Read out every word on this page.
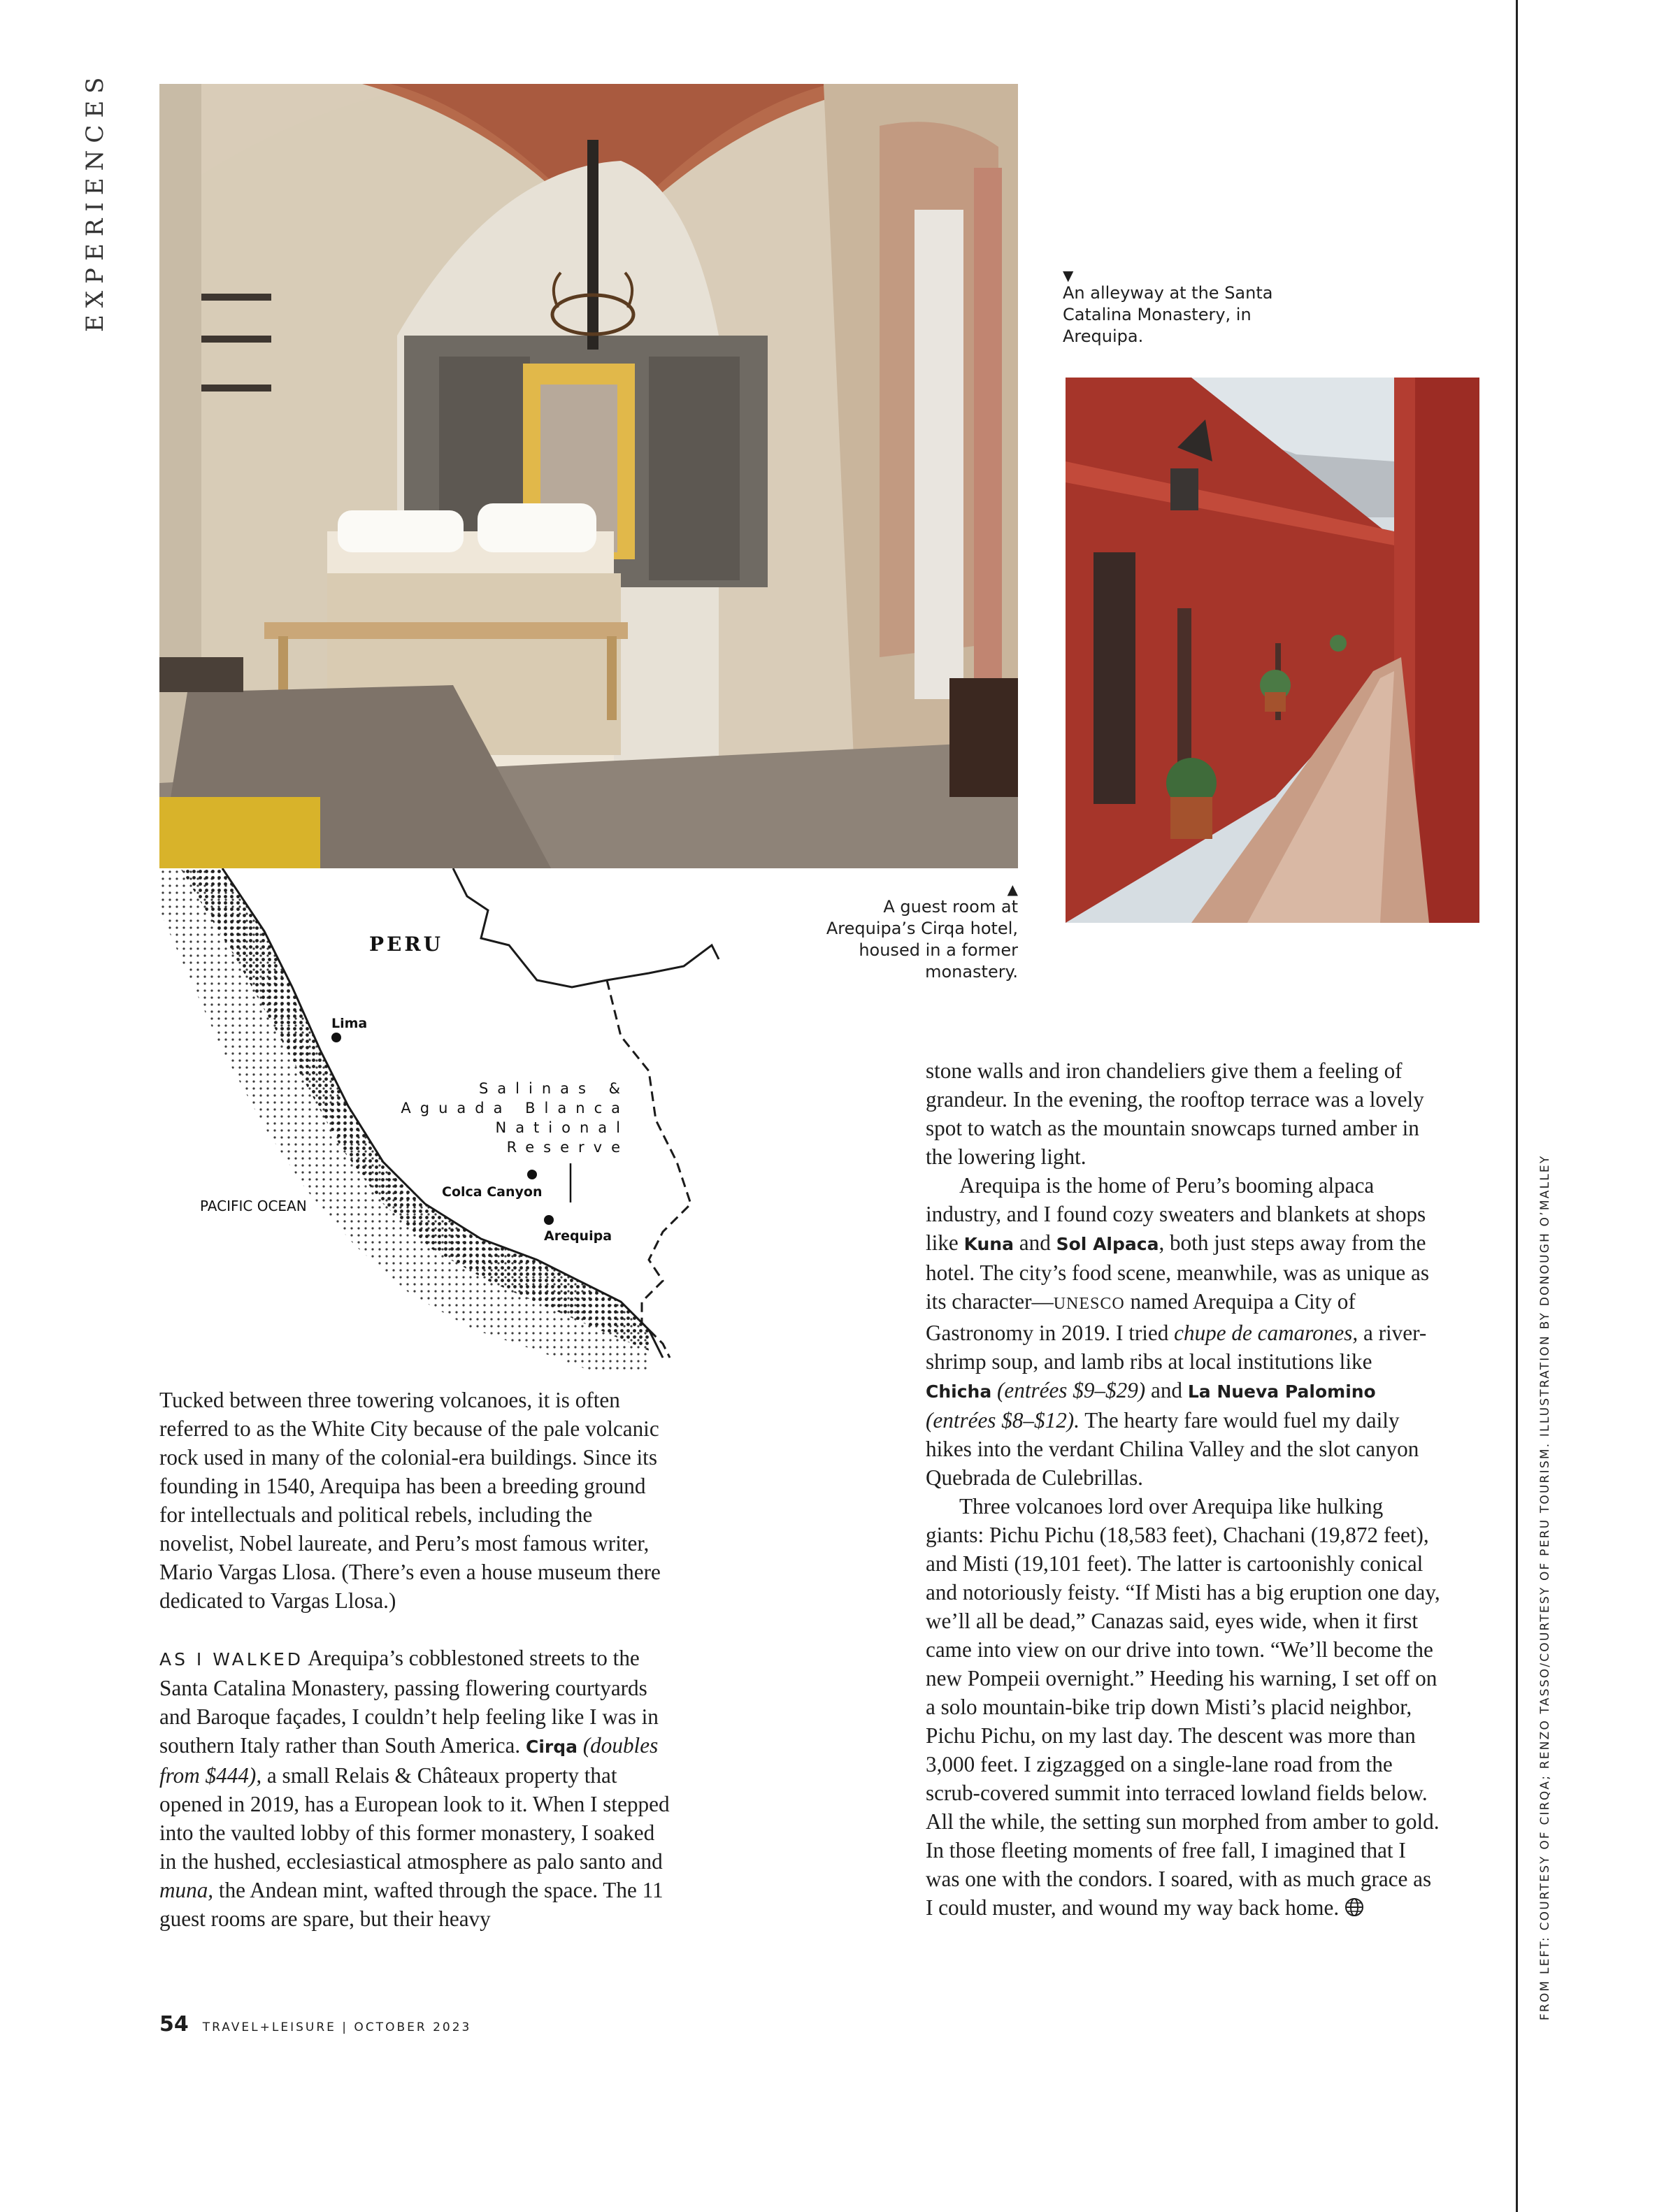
EXPERIENCES	▼
An alleyway at the Santa Catalina Monastery, in Arequipa.
▲
A guest room at Arequipa’s Cirqa hotel, housed in a former monastery.
PERU
PACIFIC OCEAN
Lima
Colca Canyon
Arequipa
Salinas &
Aguada Blanca
National
Reserve

Tucked between three towering volcanoes, it is often referred to as the White City because of the pale volcanic rock used in many of the colonial-era buildings. Since its founding in 1540, Arequipa has been a breeding ground for intellectuals and political rebels, including the novelist, Nobel laureate, and Peru’s most famous writer, Mario Vargas Llosa. (There’s even a house museum there dedicated to Vargas Llosa.)

AS I WALKED Arequipa’s cobblestoned streets to the Santa Catalina Monastery, passing flowering courtyards and Baroque façades, I couldn’t help feeling like I was in southern Italy rather than South America. Cirqa (doubles from $444), a small Relais & Châteaux property that opened in 2019, has a European look to it. When I stepped into the vaulted lobby of this former monastery, I soaked in the hushed, ecclesiastical atmosphere as palo santo and muna, the Andean mint, wafted through the space. The 11 guest rooms are spare, but their heavy

stone walls and iron chandeliers give them a feeling of grandeur. In the evening, the rooftop terrace was a lovely spot to watch as the mountain snowcaps turned amber in the lowering light.

Arequipa is the home of Peru’s booming alpaca industry, and I found cozy sweaters and blankets at shops like Kuna and Sol Alpaca, both just steps away from the hotel. The city’s food scene, meanwhile, was as unique as its character—UNESCO named Arequipa a City of Gastronomy in 2019. I tried chupe de camarones, a river-shrimp soup, and lamb ribs at local institutions like Chicha (entrées $9–$29) and La Nueva Palomino (entrées $8–$12). The hearty fare would fuel my daily hikes into the verdant Chilina Valley and the slot canyon Quebrada de Culebrillas.

Three volcanoes lord over Arequipa like hulking giants: Pichu Pichu (18,583 feet), Chachani (19,872 feet), and Misti (19,101 feet). The latter is cartoonishly conical and notoriously feisty. “If Misti has a big eruption one day, we’ll all be dead,” Canazas said, eyes wide, when it first came into view on our drive into town. “We’ll become the new Pompeii overnight.” Heeding his warning, I set off on a solo mountain-bike trip down Misti’s placid neighbor, Pichu Pichu, on my last day. The descent was more than 3,000 feet. I zigzagged on a single-lane road from the scrub-covered summit into terraced lowland fields below. All the while, the setting sun morphed from amber to gold. In those fleeting moments of free fall, I imagined that I was one with the condors. I soared, with as much grace as I could muster, and wound my way back home.	FROM LEFT: COURTESY OF CIRQA; RENZO TASSO/COURTESY OF PERU TOURISM. ILLUSTRATION BY DONOUGH O’MALLEY
54 TRAVEL+LEISURE | OCTOBER 2023
